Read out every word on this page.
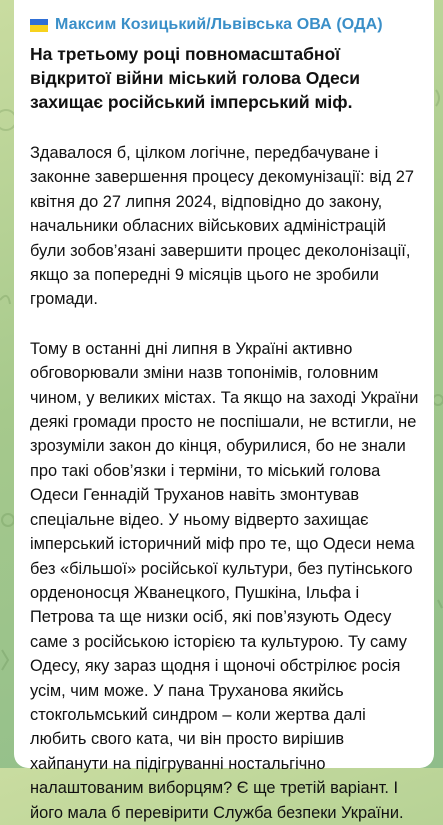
Максим Козицький/Львівська ОВА (ОДА)

На третьому році повномасштабної відкритої війни міський голова Одеси захищає російський імперський міф.

Здавалося б, цілком логічне, передбачуване і законне завершення процесу декомунізації: від 27 квітня до 27 липня 2024, відповідно до закону, начальники обласних військових адміністрацій були зобов’язані завершити процес деколонізації, якщо за попередні 9 місяців цього не зробили громади.

Тому в останні дні липня в Україні активно обговорювали зміни назв топонімів, головним чином, у великих містах. Та якщо на заході України деякі громади просто не поспішали, не встигли, не зрозуміли закон до кінця, обурилися, бо не знали про такі обов’язки і терміни, то міський голова Одеси Геннадій Труханов навіть змонтував спеціальне відео. У ньому відверто захищає імперський історичний міф про те, що Одеси нема без «більшої» російської культури, без путінського орденоносця Жванецкого, Пушкіна, Ільфа і Петрова та ще низки осіб, які пов’язують Одесу саме з російською історією та культурою. Ту саму Одесу, яку зараз щодня і щоночі обстрілює росія усім, чим може. У пана Труханова якийсь стокгольмський синдром – коли жертва далі любить свого ката, чи він просто вирішив хайпанути на підігруванні ностальгічно налаштованим виборцям? Є ще третій варіант. І його мала б перевірити Служба безпеки України.
